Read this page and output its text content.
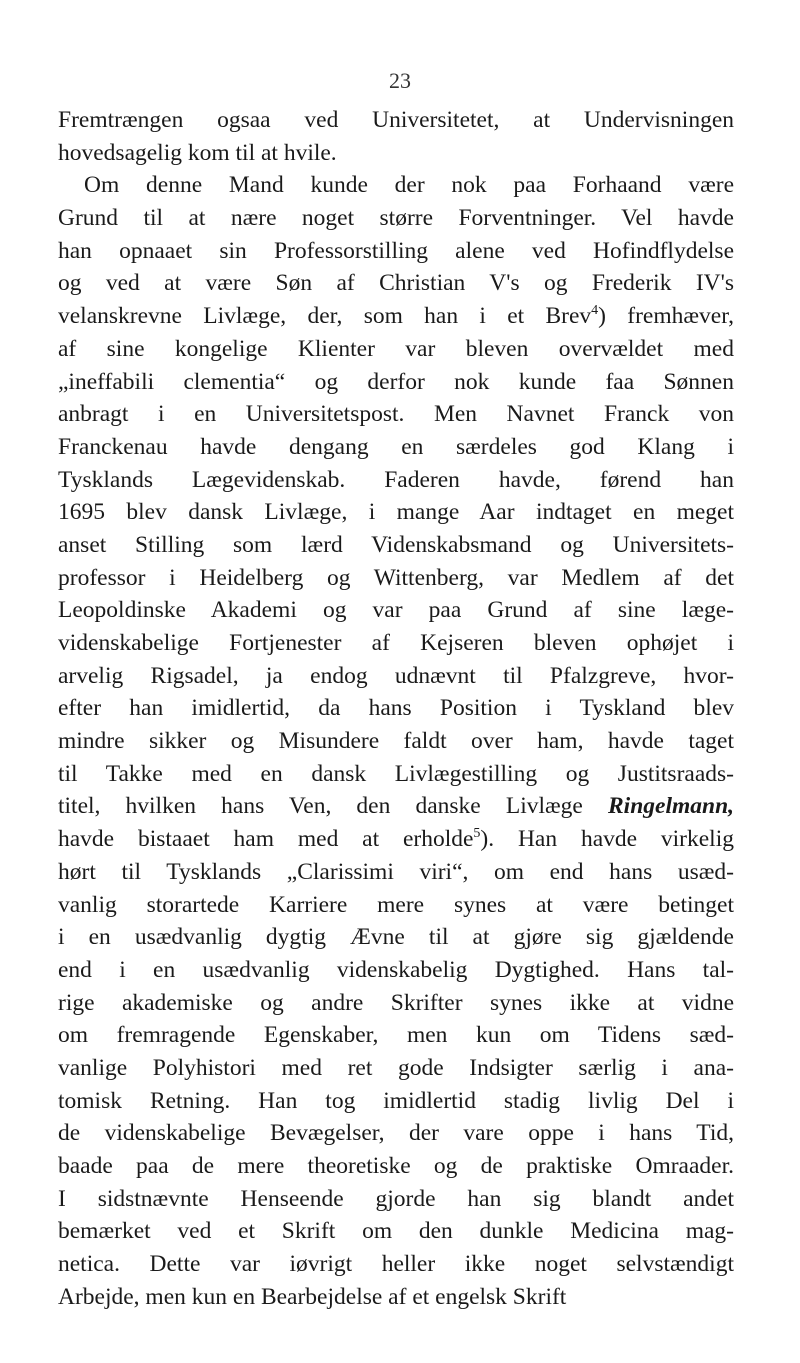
23
Fremtrængen ogsaa ved Universitetet, at Undervisningen
hovedsagelig kom til at hvile.
Om denne Mand kunde der nok paa Forhaand være
Grund til at nære noget større Forventninger. Vel havde
han opnaaet sin Professorstilling alene ved Hofindflydelse
og ved at være Søn af Christian V's og Frederik IV's
velanskrevne Livlæge, der, som han i et Brev$^4$) fremhæver,
af sine kongelige Klienter var bleven overvældet med
„ineffabili clementia“ og derfor nok kunde faa Sønnen
anbragt i en Universitetspost. Men Navnet Franck von
Franckenau havde dengang en særdeles god Klang i
Tysklands Lægevidenskab. Faderen havde, førend han
1695 blev dansk Livlæge, i mange Aar indtaget en meget
anset Stilling som lærd Videnskabsmand og Universitets-
professor i Heidelberg og Wittenberg, var Medlem af det
Leopoldinske Akademi og var paa Grund af sine læge-
videnskabelige Fortjenester af Kejseren bleven ophøjet i
arvelig Rigsadel, ja endog udnævnt til Pfalzgreve, hvor-
efter han imidlertid, da hans Position i Tyskland blev
mindre sikker og Misundere faldt over ham, havde taget
til Takke med en dansk Livlægestilling og Justitsraads-
titel, hvilken hans Ven, den danske Livlæge Ringelmann,
havde bistaaet ham med at erholde$^5$). Han havde virkelig
hørt til Tysklands „Clarissimi viri“, om end hans usæd-
vanlig storartede Karriere mere synes at være betinget
i en usædvanlig dygtig Ævne til at gjøre sig gjældende
end i en usædvanlig videnskabelig Dygtighed. Hans tal-
rige akademiske og andre Skrifter synes ikke at vidne
om fremragende Egenskaber, men kun om Tidens sæd-
vanlige Polyhistori med ret gode Indsigter særlig i ana-
tomisk Retning. Han tog imidlertid stadig livlig Del i
de videnskabelige Bevægelser, der vare oppe i hans Tid,
baade paa de mere theoretiske og de praktiske Omraader.
I sidstnævnte Henseende gjorde han sig blandt andet
bemærket ved et Skrift om den dunkle Medicina mag-
netica. Dette var iøvrigt heller ikke noget selvstændigt
Arbejde, men kun en Bearbejdelse af et engelsk Skrift
